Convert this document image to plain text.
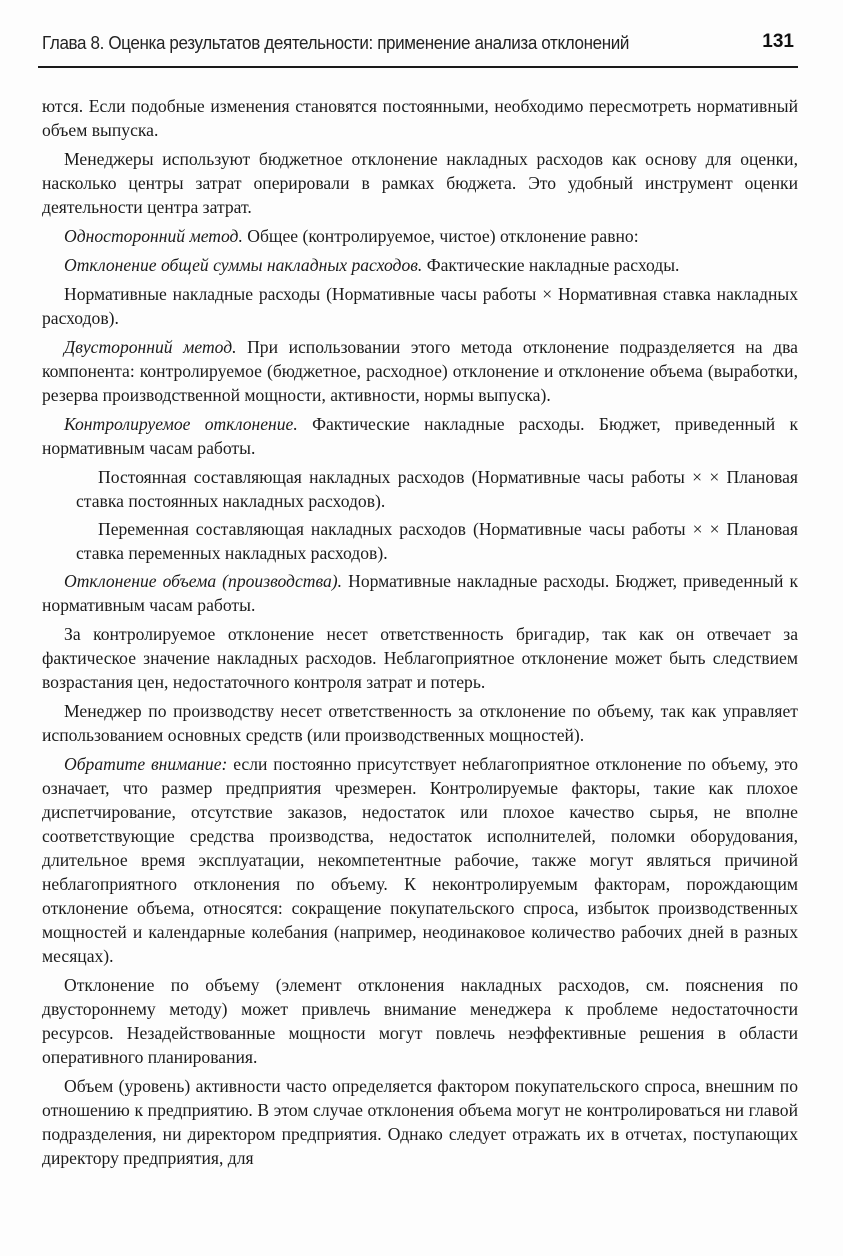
Глава 8. Оценка результатов деятельности: применение анализа отклонений	131

ются. Если подобные изменения становятся постоянными, необходимо пересмотреть нормативный объем выпуска.

Менеджеры используют бюджетное отклонение накладных расходов как основу для оценки, насколько центры затрат оперировали в рамках бюджета. Это удобный инструмент оценки деятельности центра затрат.

Односторонний метод. Общее (контролируемое, чистое) отклонение равно:

Отклонение общей суммы накладных расходов. Фактические накладные расходы.

Нормативные накладные расходы (Нормативные часы работы × Нормативная ставка накладных расходов).

Двусторонний метод. При использовании этого метода отклонение подразделяется на два компонента: контролируемое (бюджетное, расходное) отклонение и отклонение объема (выработки, резерва производственной мощности, активности, нормы выпуска).

Контролируемое отклонение. Фактические накладные расходы. Бюджет, приведенный к нормативным часам работы.

Постоянная составляющая накладных расходов (Нормативные часы работы × × Плановая ставка постоянных накладных расходов).

Переменная составляющая накладных расходов (Нормативные часы работы × × Плановая ставка переменных накладных расходов).

Отклонение объема (производства). Нормативные накладные расходы. Бюджет, приведенный к нормативным часам работы.

За контролируемое отклонение несет ответственность бригадир, так как он отвечает за фактическое значение накладных расходов. Неблагоприятное отклонение может быть следствием возрастания цен, недостаточного контроля затрат и потерь.

Менеджер по производству несет ответственность за отклонение по объему, так как управляет использованием основных средств (или производственных мощностей).

Обратите внимание: если постоянно присутствует неблагоприятное отклонение по объему, это означает, что размер предприятия чрезмерен. Контролируемые факторы, такие как плохое диспетчирование, отсутствие заказов, недостаток или плохое качество сырья, не вполне соответствующие средства производства, недостаток исполнителей, поломки оборудования, длительное время эксплуатации, некомпетентные рабочие, также могут являться причиной неблагоприятного отклонения по объему. К неконтролируемым факторам, порождающим отклонение объема, относятся: сокращение покупательского спроса, избыток производственных мощностей и календарные колебания (например, неодинаковое количество рабочих дней в разных месяцах).

Отклонение по объему (элемент отклонения накладных расходов, см. пояснения по двустороннему методу) может привлечь внимание менеджера к проблеме недостаточности ресурсов. Незадействованные мощности могут повлечь неэффективные решения в области оперативного планирования.

Объем (уровень) активности часто определяется фактором покупательского спроса, внешним по отношению к предприятию. В этом случае отклонения объема могут не контролироваться ни главой подразделения, ни директором предприятия. Однако следует отражать их в отчетах, поступающих директору предприятия, для
